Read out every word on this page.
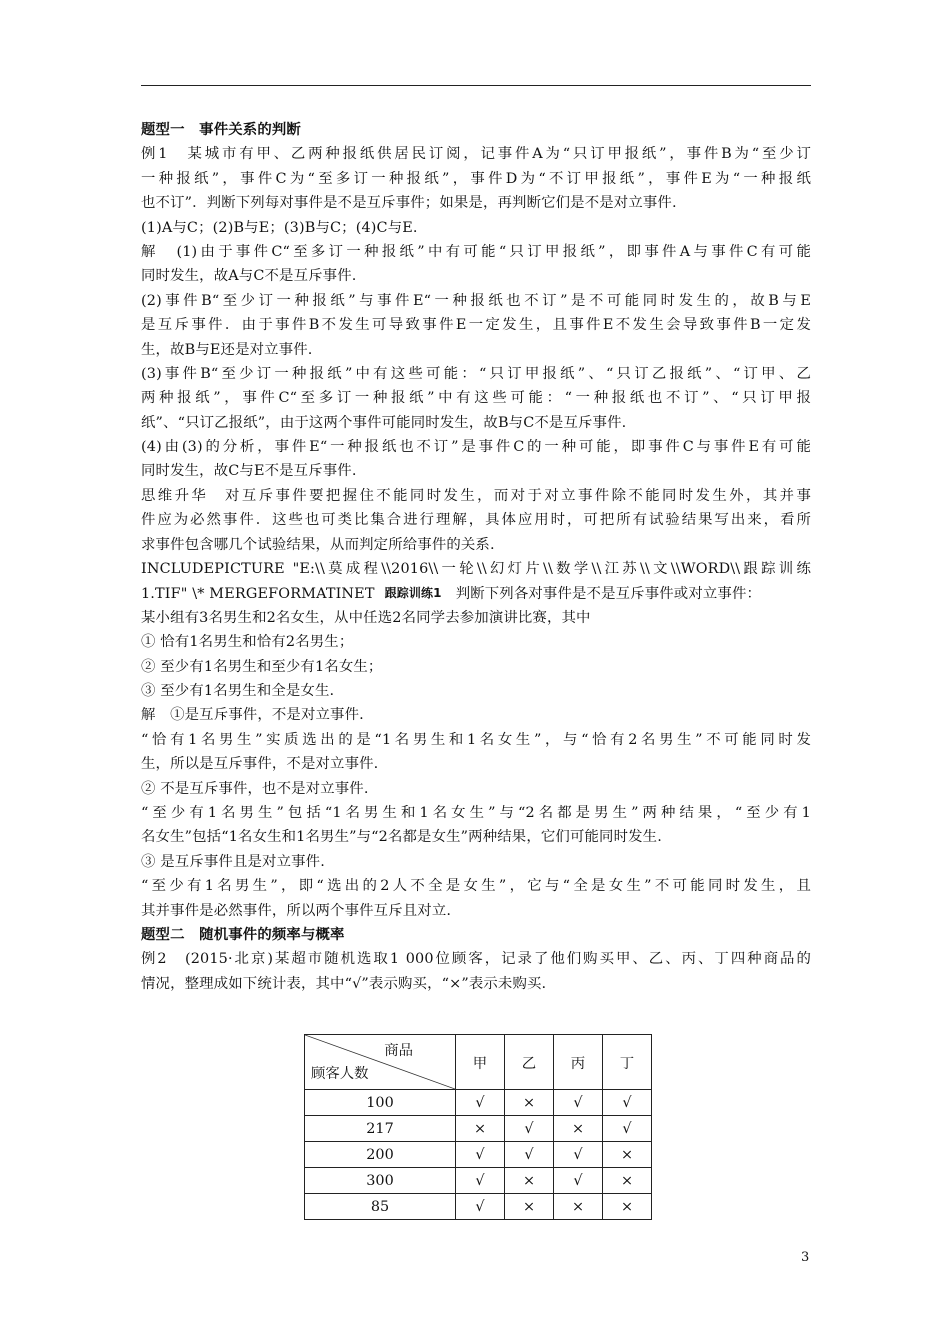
题型一　事件关系的判断
例1　某城市有甲、乙两种报纸供居民订阅，记事件A为“只订甲报纸”，事件B为“至少订
一种报纸”，事件C为“至多订一种报纸”，事件D为“不订甲报纸”，事件E为“一种报纸
也不订”．判断下列每对事件是不是互斥事件；如果是，再判断它们是不是对立事件.
(1)A与C；(2)B与E；(3)B与C；(4)C与E.
解　(1)由于事件C“至多订一种报纸”中有可能“只订甲报纸”，即事件A与事件C有可能
同时发生，故A与C不是互斥事件.
(2)事件B“至少订一种报纸”与事件E“一种报纸也不订”是不可能同时发生的，故B与E
是互斥事件．由于事件B不发生可导致事件E一定发生，且事件E不发生会导致事件B一定发
生，故B与E还是对立事件.
(3)事件B“至少订一种报纸”中有这些可能：“只订甲报纸”、“只订乙报纸”、“订甲、乙
两种报纸”，事件C“至多订一种报纸”中有这些可能：“一种报纸也不订”、“只订甲报
纸”、“只订乙报纸”，由于这两个事件可能同时发生，故B与C不是互斥事件.
(4)由(3)的分析，事件E“一种报纸也不订”是事件C的一种可能，即事件C与事件E有可能
同时发生，故C与E不是互斥事件.
思维升华　对互斥事件要把握住不能同时发生，而对于对立事件除不能同时发生外，其并事
件应为必然事件．这些也可类比集合进行理解，具体应用时，可把所有试验结果写出来，看所
求事件包含哪几个试验结果，从而判定所给事件的关系.
INCLUDEPICTURE "E:\\莫成程\\2016\\一轮\\幻灯片\\数学\\江苏\\文\\WORD\\跟踪训练
1.TIF" \* MERGEFORMATINET 跟踪训练1 判断下列各对事件是不是互斥事件或对立事件：
某小组有3名男生和2名女生，从中任选2名同学去参加演讲比赛，其中
① 恰有1名男生和恰有2名男生；
② 至少有1名男生和至少有1名女生；
③ 至少有1名男生和全是女生.
解　①是互斥事件，不是对立事件.
“恰有1名男生”实质选出的是“1名男生和1名女生”，与“恰有2名男生”不可能同时发
生，所以是互斥事件，不是对立事件.
② 不是互斥事件，也不是对立事件.
“至少有1名男生”包括“1名男生和1名女生”与“2名都是男生”两种结果，“至少有1
名女生”包括“1名女生和1名男生”与“2名都是女生”两种结果，它们可能同时发生.
③ 是互斥事件且是对立事件.
“至少有1名男生”，即“选出的2人不全是女生”，它与“全是女生”不可能同时发生，且
其并事件是必然事件，所以两个事件互斥且对立.
题型二　随机事件的频率与概率
例2　(2015·北京)某超市随机选取1 000位顾客，记录了他们购买甲、乙、丙、丁四种商品的
情况，整理成如下统计表，其中“√”表示购买，“×”表示未购买.
商品
顾客人数	甲	乙	丙	丁
100	√	×	√	√
217	×	√	×	√
200	√	√	√	×
300	√	×	√	×
85	√	×	×	×
3
